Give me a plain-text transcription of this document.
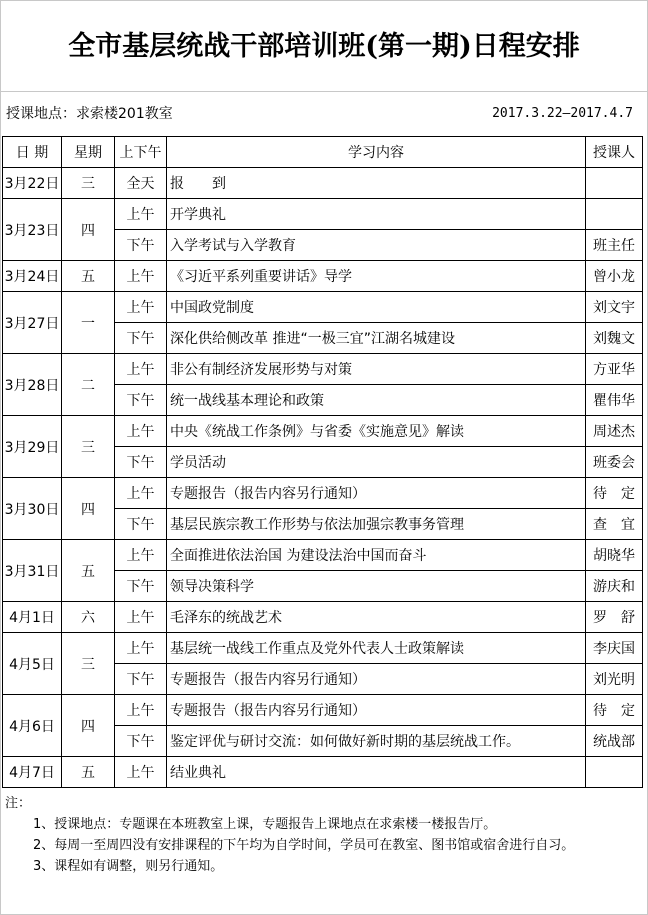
全市基层统战干部培训班(第一期)日程安排
授课地点：求索楼201教室	2017.3.22—2017.4.7
日 期	星期	上下午	学习内容	授课人
3月22日	三	全天	报　　到	
3月23日	四	上午	开学典礼	
		下午	入学考试与入学教育	班主任
3月24日	五	上午	《习近平系列重要讲话》导学	曾小龙
3月27日	一	上午	中国政党制度	刘文宇
		下午	深化供给侧改革 推进“一极三宜”江湖名城建设	刘魏文
3月28日	二	上午	非公有制经济发展形势与对策	方亚华
		下午	统一战线基本理论和政策	瞿伟华
3月29日	三	上午	中央《统战工作条例》与省委《实施意见》解读	周述杰
		下午	学员活动	班委会
3月30日	四	上午	专题报告（报告内容另行通知）	待　定
		下午	基层民族宗教工作形势与依法加强宗教事务管理	查　宜
3月31日	五	上午	全面推进依法治国 为建设法治中国而奋斗	胡晓华
		下午	领导决策科学	游庆和
4月1日	六	上午	毛泽东的统战艺术	罗　舒
4月5日	三	上午	基层统一战线工作重点及党外代表人士政策解读	李庆国
		下午	专题报告（报告内容另行通知）	刘光明
4月6日	四	上午	专题报告（报告内容另行通知）	待　定
		下午	鉴定评优与研讨交流：如何做好新时期的基层统战工作。	统战部
4月7日	五	上午	结业典礼	
注：
1、授课地点：专题课在本班教室上课，专题报告上课地点在求索楼一楼报告厅。
2、每周一至周四没有安排课程的下午均为自学时间，学员可在教室、图书馆或宿舍进行自习。
3、课程如有调整，则另行通知。
